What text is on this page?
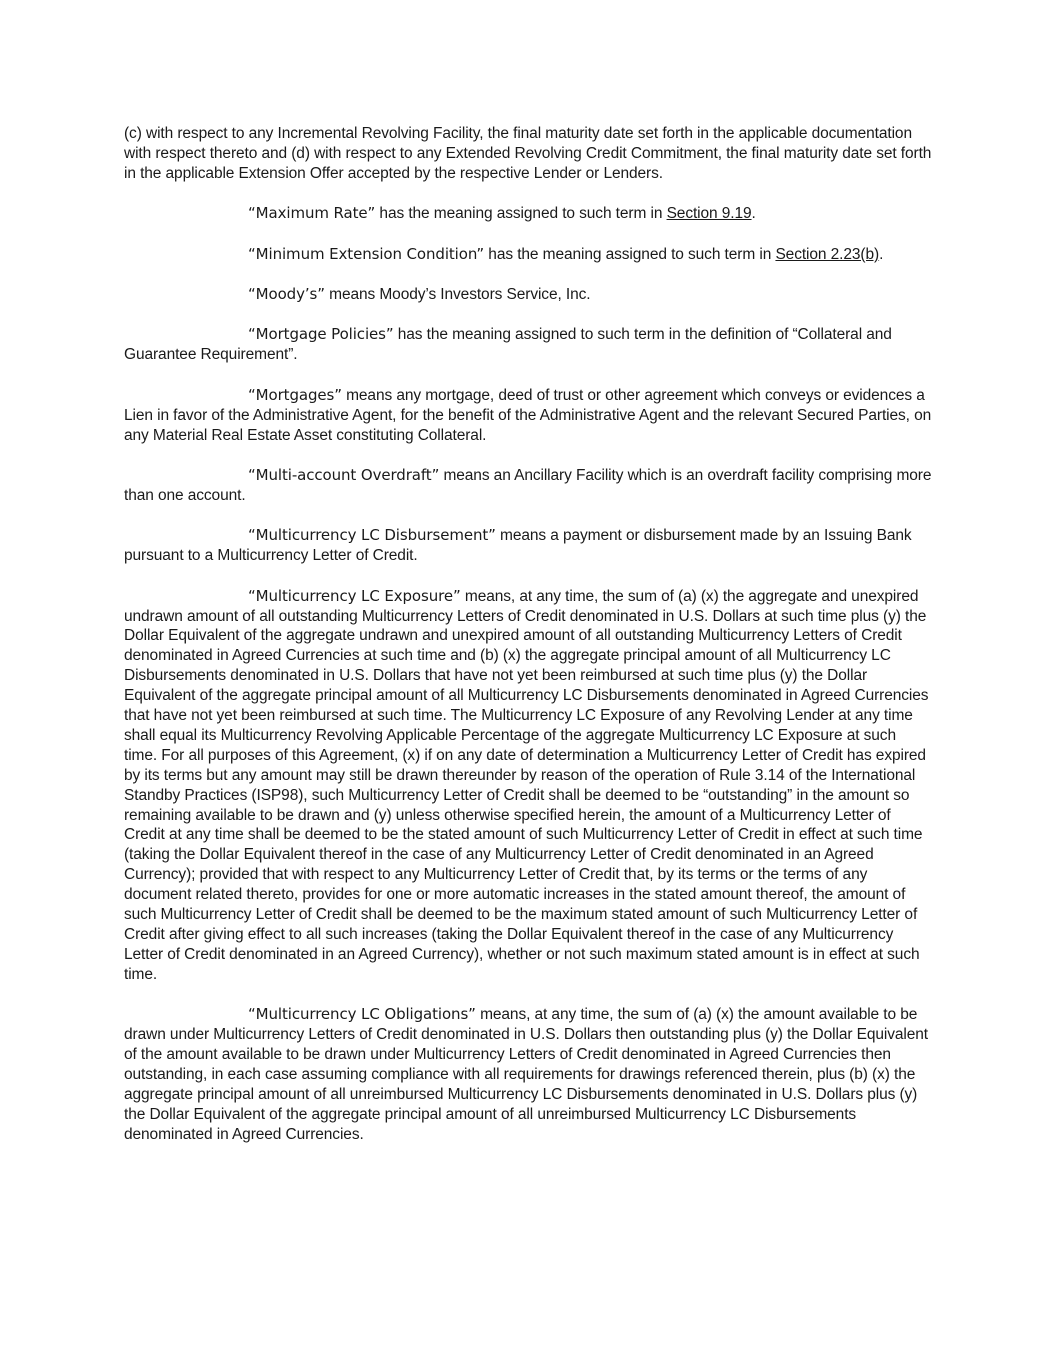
(c) with respect to any Incremental Revolving Facility, the final maturity date set forth in the applicable documentation with respect thereto and (d) with respect to any Extended Revolving Credit Commitment, the final maturity date set forth in the applicable Extension Offer accepted by the respective Lender or Lenders.

“Maximum Rate” has the meaning assigned to such term in Section 9.19.

“Minimum Extension Condition” has the meaning assigned to such term in Section 2.23(b).

“Moody’s” means Moody’s Investors Service, Inc.

“Mortgage Policies” has the meaning assigned to such term in the definition of “Collateral and Guarantee Requirement”.

“Mortgages” means any mortgage, deed of trust or other agreement which conveys or evidences a Lien in favor of the Administrative Agent, for the benefit of the Administrative Agent and the relevant Secured Parties, on any Material Real Estate Asset constituting Collateral.

“Multi-account Overdraft” means an Ancillary Facility which is an overdraft facility comprising more than one account.

“Multicurrency LC Disbursement” means a payment or disbursement made by an Issuing Bank pursuant to a Multicurrency Letter of Credit.

“Multicurrency LC Exposure” means, at any time, the sum of (a) (x) the aggregate and unexpired undrawn amount of all outstanding Multicurrency Letters of Credit denominated in U.S. Dollars at such time plus (y) the Dollar Equivalent of the aggregate undrawn and unexpired amount of all outstanding Multicurrency Letters of Credit denominated in Agreed Currencies at such time and (b) (x) the aggregate principal amount of all Multicurrency LC Disbursements denominated in U.S. Dollars that have not yet been reimbursed at such time plus (y) the Dollar Equivalent of the aggregate principal amount of all Multicurrency LC Disbursements denominated in Agreed Currencies that have not yet been reimbursed at such time. The Multicurrency LC Exposure of any Revolving Lender at any time shall equal its Multicurrency Revolving Applicable Percentage of the aggregate Multicurrency LC Exposure at such time. For all purposes of this Agreement, (x) if on any date of determination a Multicurrency Letter of Credit has expired by its terms but any amount may still be drawn thereunder by reason of the operation of Rule 3.14 of the International Standby Practices (ISP98), such Multicurrency Letter of Credit shall be deemed to be “outstanding” in the amount so remaining available to be drawn and (y) unless otherwise specified herein, the amount of a Multicurrency Letter of Credit at any time shall be deemed to be the stated amount of such Multicurrency Letter of Credit in effect at such time (taking the Dollar Equivalent thereof in the case of any Multicurrency Letter of Credit denominated in an Agreed Currency); provided that with respect to any Multicurrency Letter of Credit that, by its terms or the terms of any document related thereto, provides for one or more automatic increases in the stated amount thereof, the amount of such Multicurrency Letter of Credit shall be deemed to be the maximum stated amount of such Multicurrency Letter of Credit after giving effect to all such increases (taking the Dollar Equivalent thereof in the case of any Multicurrency Letter of Credit denominated in an Agreed Currency), whether or not such maximum stated amount is in effect at such time.

“Multicurrency LC Obligations” means, at any time, the sum of (a) (x) the amount available to be drawn under Multicurrency Letters of Credit denominated in U.S. Dollars then outstanding plus (y) the Dollar Equivalent of the amount available to be drawn under Multicurrency Letters of Credit denominated in Agreed Currencies then outstanding, in each case assuming compliance with all requirements for drawings referenced therein, plus (b) (x) the aggregate principal amount of all unreimbursed Multicurrency LC Disbursements denominated in U.S. Dollars plus (y) the Dollar Equivalent of the aggregate principal amount of all unreimbursed Multicurrency LC Disbursements denominated in Agreed Currencies.
